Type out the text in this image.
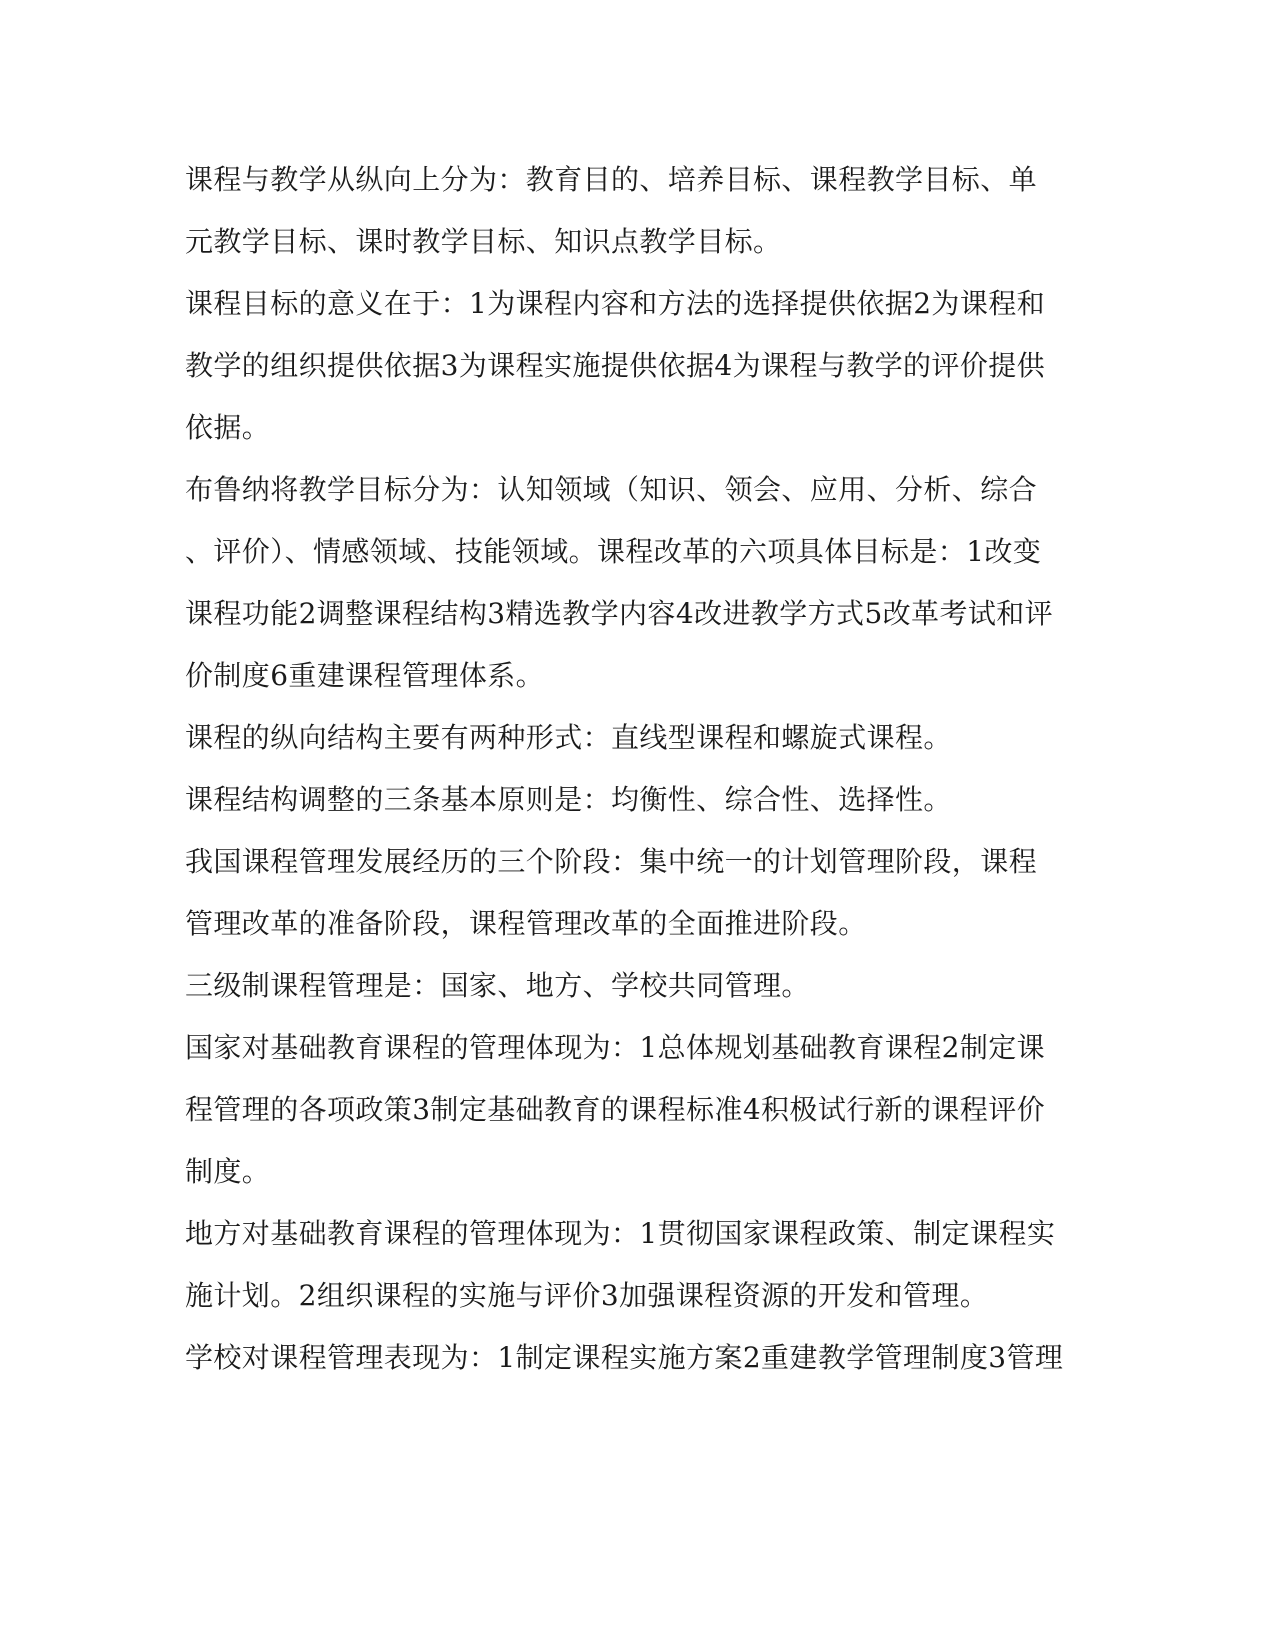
课程与教学从纵向上分为：教育目的、培养目标、课程教学目标、单
元教学目标、课时教学目标、知识点教学目标。
课程目标的意义在于：1为课程内容和方法的选择提供依据2为课程和
教学的组织提供依据3为课程实施提供依据4为课程与教学的评价提供
依据。
布鲁纳将教学目标分为：认知领域（知识、领会、应用、分析、综合
、评价）、情感领域、技能领域。课程改革的六项具体目标是：1改变
课程功能2调整课程结构3精选教学内容4改进教学方式5改革考试和评
价制度6重建课程管理体系。
课程的纵向结构主要有两种形式：直线型课程和螺旋式课程。
课程结构调整的三条基本原则是：均衡性、综合性、选择性。
我国课程管理发展经历的三个阶段：集中统一的计划管理阶段，课程
管理改革的准备阶段，课程管理改革的全面推进阶段。
三级制课程管理是：国家、地方、学校共同管理。
国家对基础教育课程的管理体现为：1总体规划基础教育课程2制定课
程管理的各项政策3制定基础教育的课程标准4积极试行新的课程评价
制度。
地方对基础教育课程的管理体现为：1贯彻国家课程政策、制定课程实
施计划。2组织课程的实施与评价3加强课程资源的开发和管理。
学校对课程管理表现为：1制定课程实施方案2重建教学管理制度3管理
